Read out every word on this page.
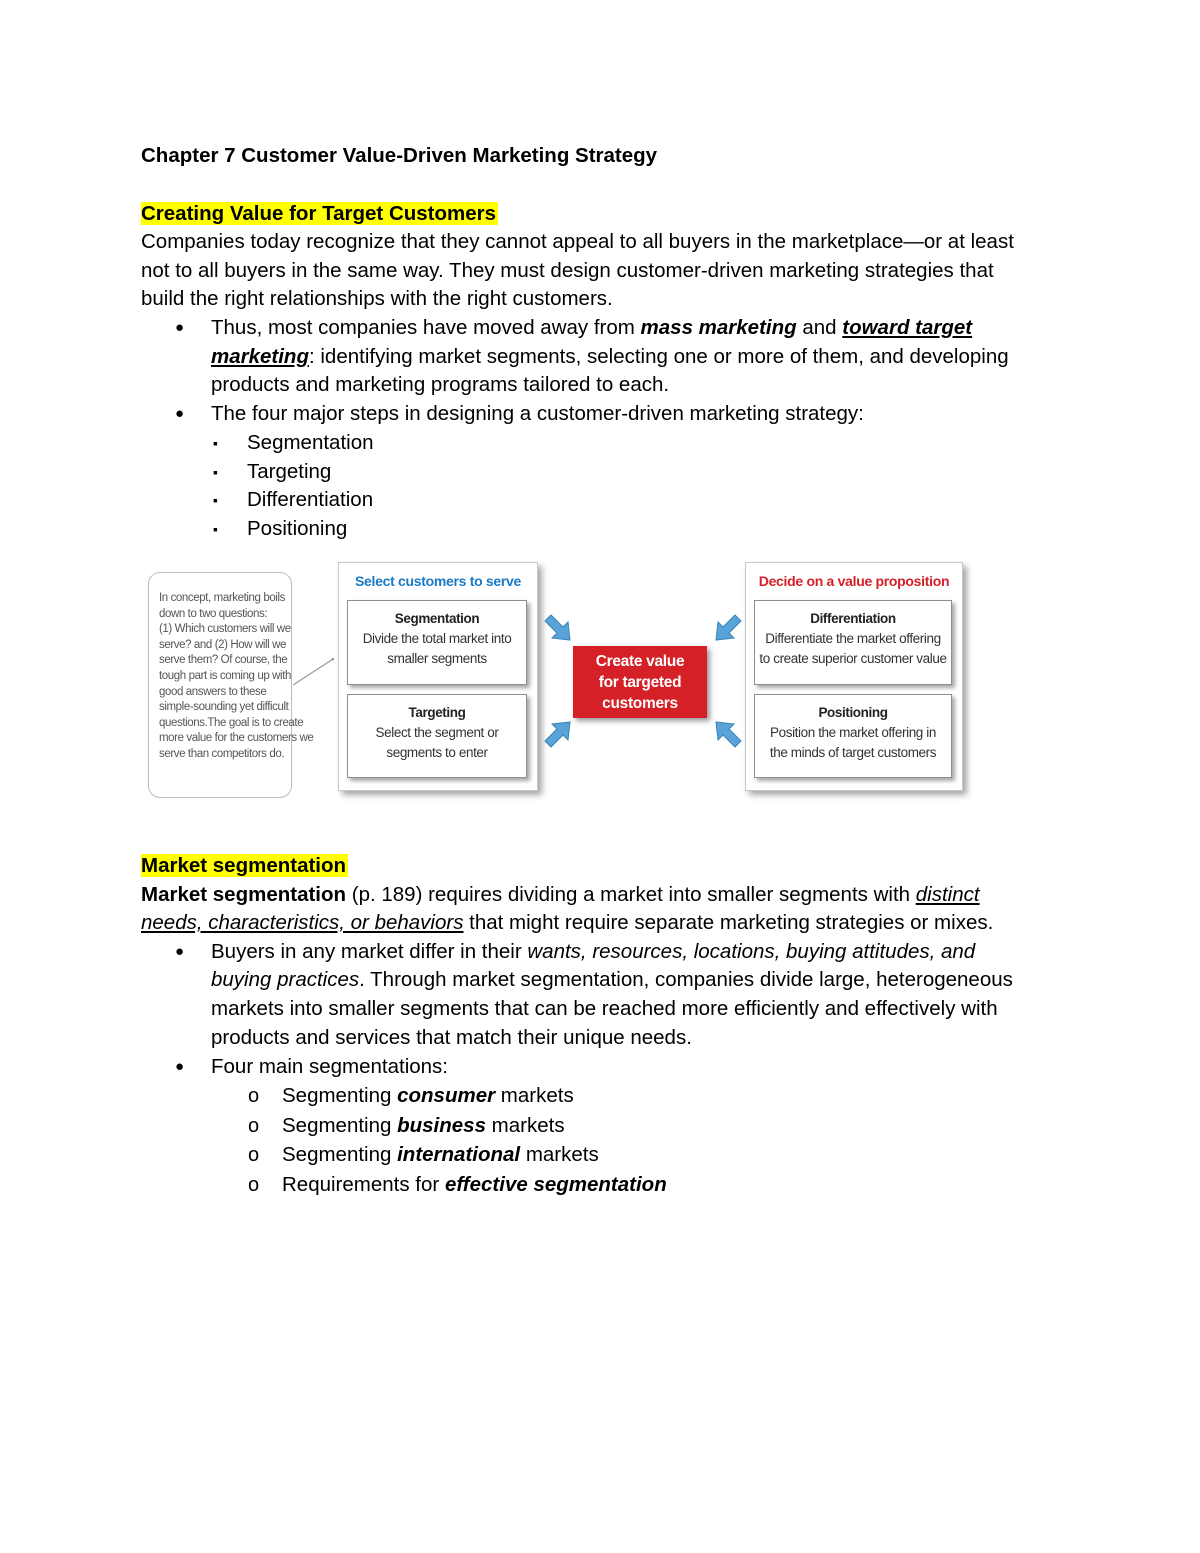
Chapter 7 Customer Value-Driven Marketing Strategy
Creating Value for Target Customers
Companies today recognize that they cannot appeal to all buyers in the marketplace—or at least
not to all buyers in the same way. They must design customer-driven marketing strategies that
build the right relationships with the right customers.
● Thus, most companies have moved away from mass marketing and toward target
marketing: identifying market segments, selecting one or more of them, and developing
products and marketing programs tailored to each.
● The four major steps in designing a customer-driven marketing strategy:
▪ Segmentation
▪ Targeting
▪ Differentiation
▪ Positioning
In concept, marketing boils
down to two questions:
(1) Which customers will we
serve? and (2) How will we
serve them? Of course, the
tough part is coming up with
good answers to these
simple-sounding yet difficult
questions.The goal is to create
more value for the customers we
serve than competitors do.
Select customers to serve
Segmentation
Divide the total market into
smaller segments
Targeting
Select the segment or
segments to enter
Decide on a value proposition
Differentiation
Differentiate the market offering
to create superior customer value
Positioning
Position the market offering in
the minds of target customers
Create value
for targeted
customers
Market segmentation
Market segmentation (p. 189) requires dividing a market into smaller segments with distinct
needs, characteristics, or behaviors that might require separate marketing strategies or mixes.
● Buyers in any market differ in their wants, resources, locations, buying attitudes, and
buying practices. Through market segmentation, companies divide large, heterogeneous
markets into smaller segments that can be reached more efficiently and effectively with
products and services that match their unique needs.
● Four main segmentations:
o Segmenting consumer markets
o Segmenting business markets
o Segmenting international markets
o Requirements for effective segmentation
